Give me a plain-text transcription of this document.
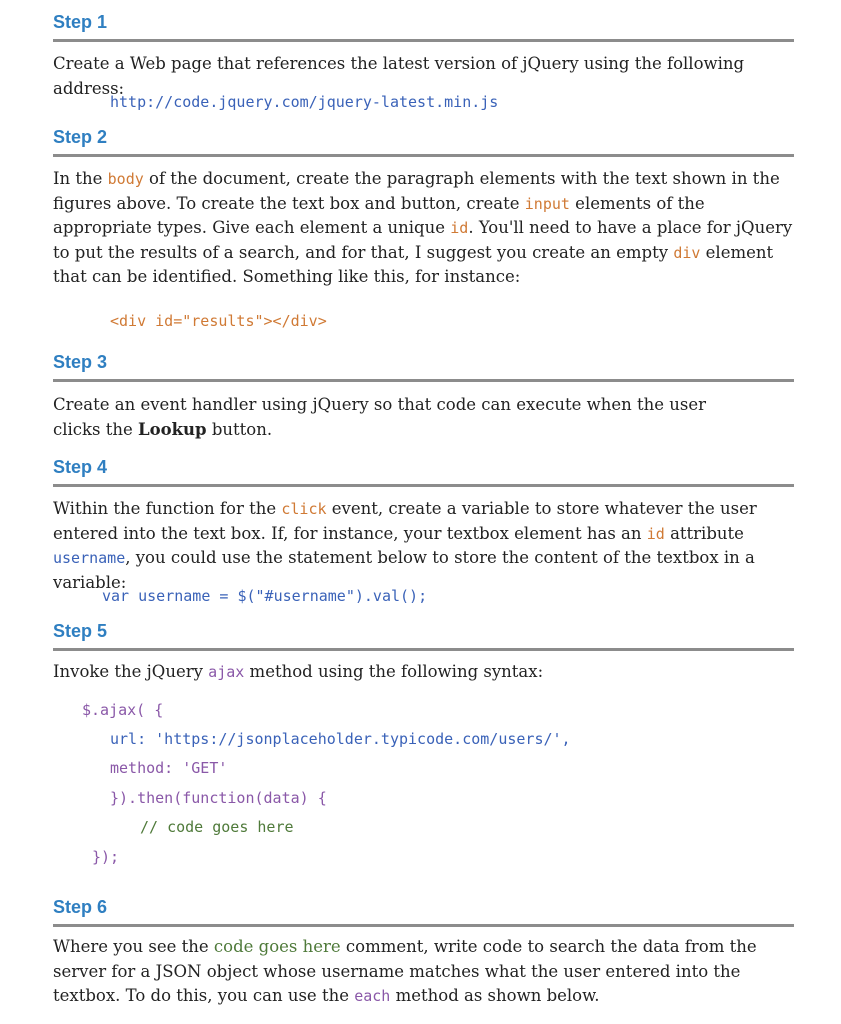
Step 1
Create a Web page that references the latest version of jQuery using the following address:
http://code.jquery.com/jquery-latest.min.js
Step 2
In the body of the document, create the paragraph elements with the text shown in the figures above. To create the text box and button, create input elements of the appropriate types. Give each element a unique id. You'll need to have a place for jQuery to put the results of a search, and for that, I suggest you create an empty div element that can be identified. Something like this, for instance:
<div id="results"></div>
Step 3
Create an event handler using jQuery so that code can execute when the user clicks the Lookup button.
Step 4
Within the function for the click event, create a variable to store whatever the user entered into the text box. If, for instance, your textbox element has an id attribute username, you could use the statement below to store the content of the textbox in a variable:
var username = $("#username").val();
Step 5
Invoke the jQuery ajax method using the following syntax:
$.ajax( {
url: 'https://jsonplaceholder.typicode.com/users/',
method: 'GET'
}).then(function(data) {
// code goes here
});
Step 6
Where you see the code goes here comment, write code to search the data from the server for a JSON object whose username matches what the user entered into the textbox. To do this, you can use the each method as shown below.
